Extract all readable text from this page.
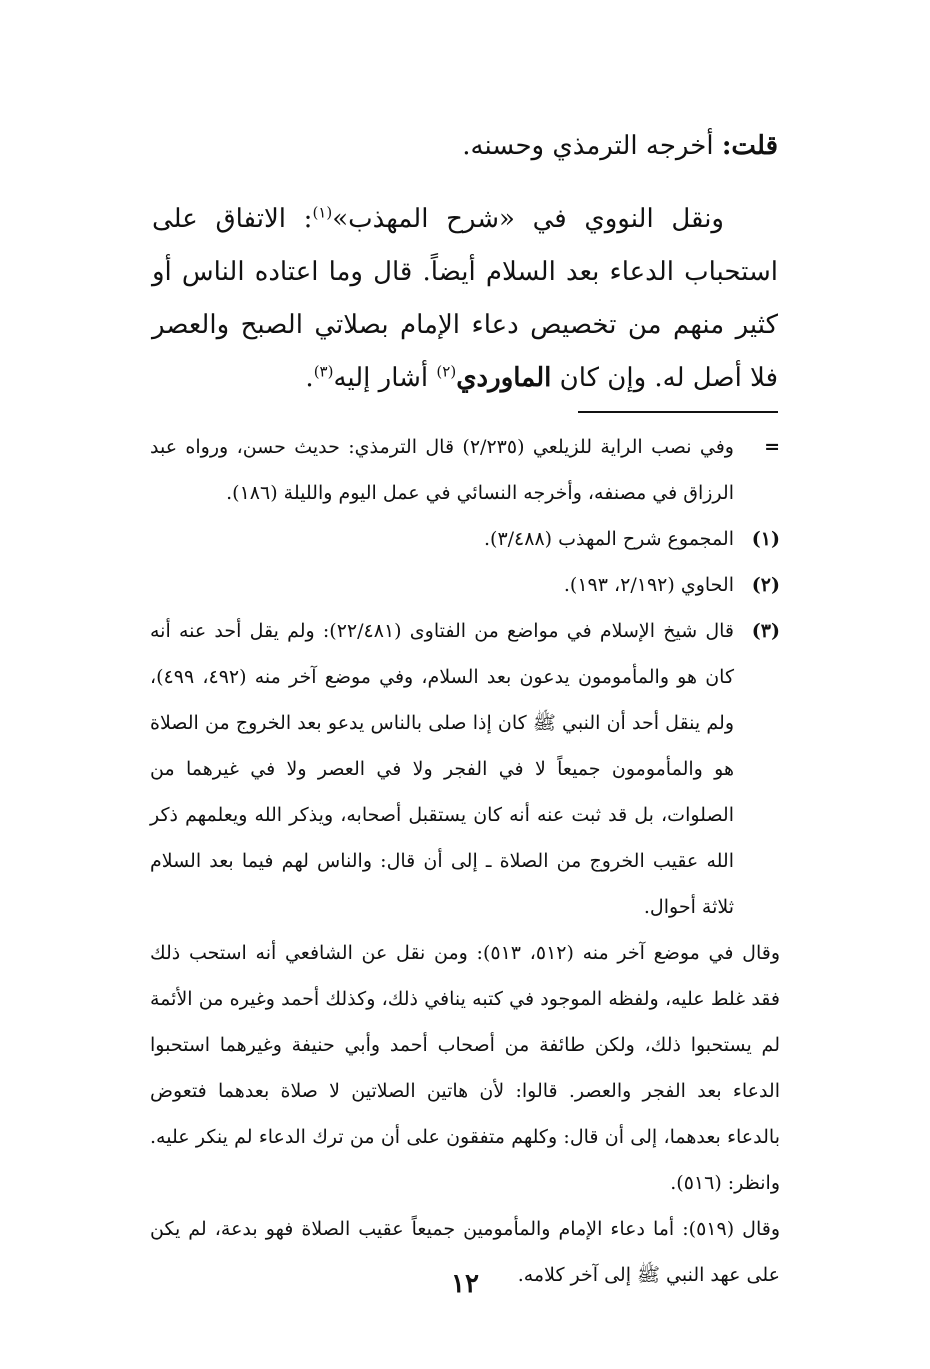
قلت: أخرجه الترمذي وحسنه.

ونقل النووي في «شرح المهذب»$^{(١)}$: الاتفاق على استحباب الدعاء بعد السلام أيضاً. قال وما اعتاده الناس أو كثير منهم من تخصيص دعاء الإمام بصلاتي الصبح والعصر فلا أصل له. وإن كان الماوردي$^{(٢)}$ أشار إليه$^{(٣)}$.

=
وفي نصب الراية للزيلعي (٢/٢٣٥) قال الترمذي: حديث حسن، ورواه عبد الرزاق في مصنفه، وأخرجه النسائي في عمل اليوم والليلة (١٨٦).
(١)
المجموع شرح المهذب (٣/٤٨٨).
(٢)
الحاوي (٢/١٩٢، ١٩٣).
(٣)
قال شيخ الإسلام في مواضع من الفتاوى (٢٢/٤٨١): ولم يقل أحد عنه أنه كان هو والمأمومون يدعون بعد السلام، وفي موضع آخر منه (٤٩٢، ٤٩٩)، ولم ينقل أحد أن النبي ﷺ كان إذا صلى بالناس يدعو بعد الخروج من الصلاة هو والمأمومون جميعاً لا في الفجر ولا في العصر ولا في غيرهما من الصلوات، بل قد ثبت عنه أنه كان يستقبل أصحابه، ويذكر الله ويعلمهم ذكر الله عقيب الخروج من الصلاة ـ إلى أن قال: والناس لهم فيما بعد السلام ثلاثة أحوال.
وقال في موضع آخر منه (٥١٢، ٥١٣): ومن نقل عن الشافعي أنه استحب ذلك فقد غلط عليه، ولفظه الموجود في كتبه ينافي ذلك، وكذلك أحمد وغيره من الأئمة لم يستحبوا ذلك، ولكن طائفة من أصحاب أحمد وأبي حنيفة وغيرهما استحبوا الدعاء بعد الفجر والعصر. قالوا: لأن هاتين الصلاتين لا صلاة بعدهما فتعوض بالدعاء بعدهما، إلى أن قال: وكلهم متفقون على أن من ترك الدعاء لم ينكر عليه. وانظر: (٥١٦).
وقال (٥١٩): أما دعاء الإمام والمأمومين جميعاً عقيب الصلاة فهو بدعة، لم يكن على عهد النبي ﷺ إلى آخر كلامه.
١٢
